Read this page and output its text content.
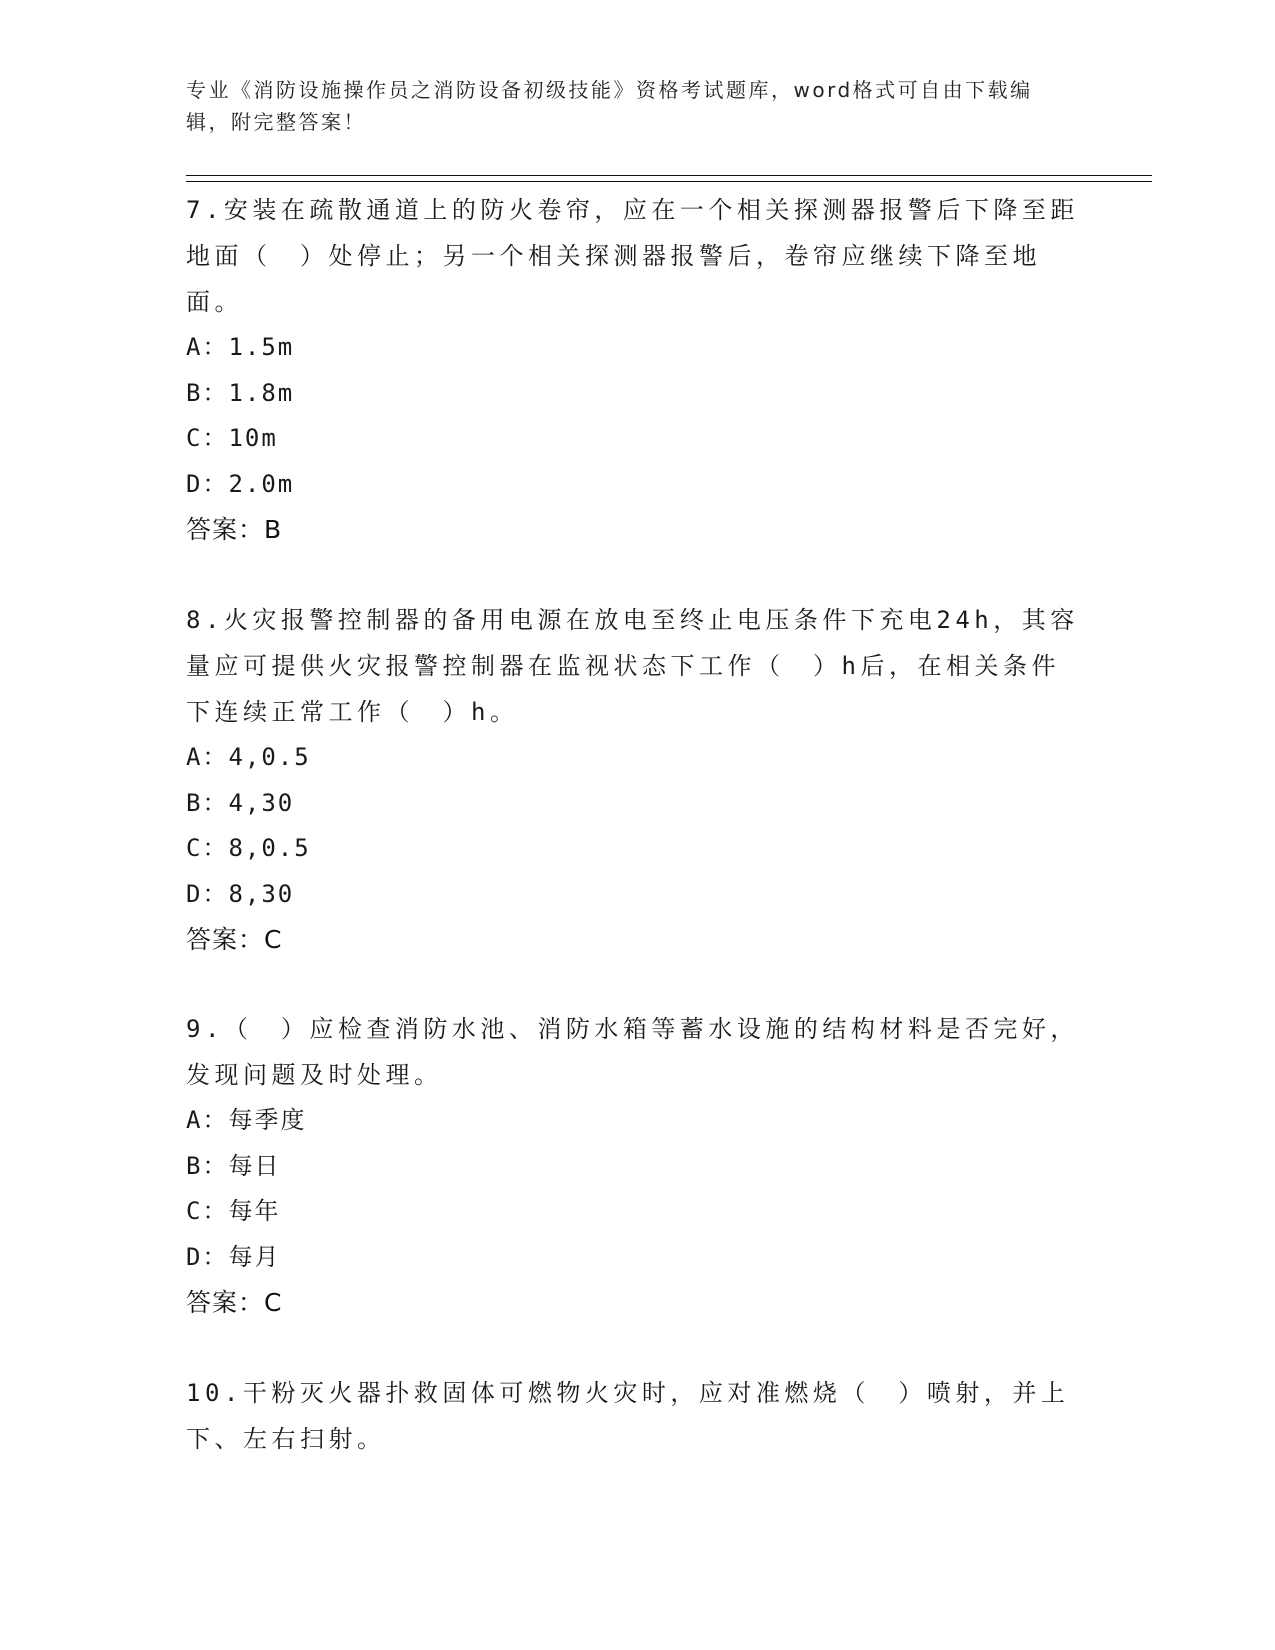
专业《消防设施操作员之消防设备初级技能》资格考试题库，word格式可自由下载编辑，附完整答案！

7.安装在疏散通道上的防火卷帘，应在一个相关探测器报警后下降至距地面（　）处停止；另一个相关探测器报警后，卷帘应继续下降至地面。

A：1.5m
B：1.8m
C：10m
D：2.0m
答案：B

8.火灾报警控制器的备用电源在放电至终止电压条件下充电24h，其容量应可提供火灾报警控制器在监视状态下工作（　）h后，在相关条件下连续正常工作（　）h。

A：4,0.5
B：4,30
C：8,0.5
D：8,30
答案：C

9.（　）应检查消防水池、消防水箱等蓄水设施的结构材料是否完好，发现问题及时处理。

A：每季度
B：每日
C：每年
D：每月
答案：C

10.干粉灭火器扑救固体可燃物火灾时，应对准燃烧（　）喷射，并上下、左右扫射。
